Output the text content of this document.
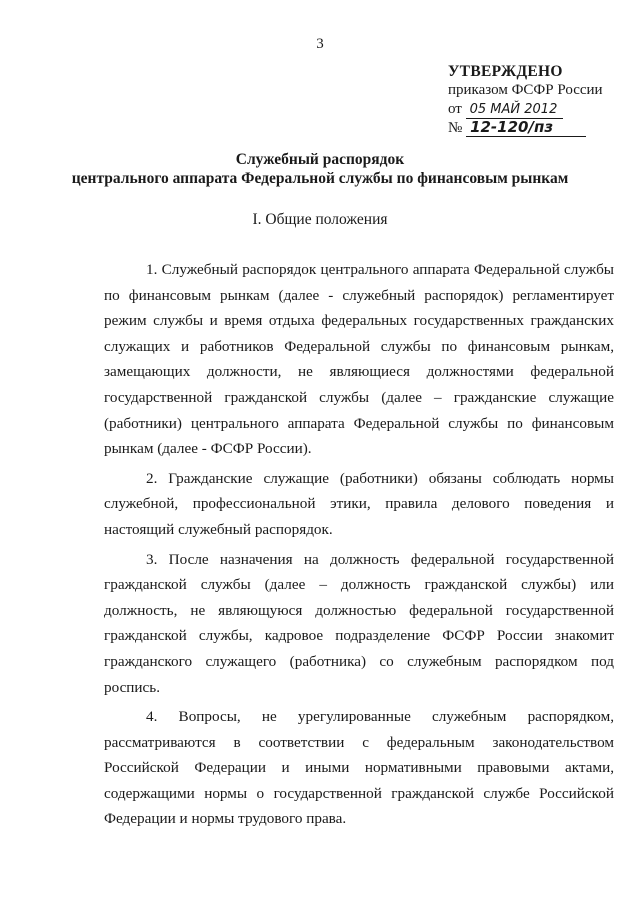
3
УТВЕРЖДЕНО
приказом ФСФР России
от 05 МАЙ 2012
№ 12-120/пз
Служебный распорядок
центрального аппарата Федеральной службы по финансовым рынкам
I. Общие положения

1. Служебный распорядок центрального аппарата Федеральной службы по финансовым рынкам (далее - служебный распорядок) регламентирует режим службы и время отдыха федеральных государственных гражданских служащих и работников Федеральной службы по финансовым рынкам, замещающих должности, не являющиеся должностями федеральной государственной гражданской службы (далее – гражданские служащие (работники) центрального аппарата Федеральной службы по финансовым рынкам (далее - ФСФР России).

2. Гражданские служащие (работники) обязаны соблюдать нормы служебной, профессиональной этики, правила делового поведения и настоящий служебный распорядок.

3. После назначения на должность федеральной государственной гражданской службы (далее – должность гражданской службы) или должность, не являющуюся должностью федеральной государственной гражданской службы, кадровое подразделение ФСФР России знакомит гражданского служащего (работника) со служебным распорядком под роспись.

4. Вопросы, не урегулированные служебным распорядком, рассматриваются в соответствии с федеральным законодательством Российской Федерации и иными нормативными правовыми актами, содержащими нормы о государственной гражданской службе Российской Федерации и нормы трудового права.
